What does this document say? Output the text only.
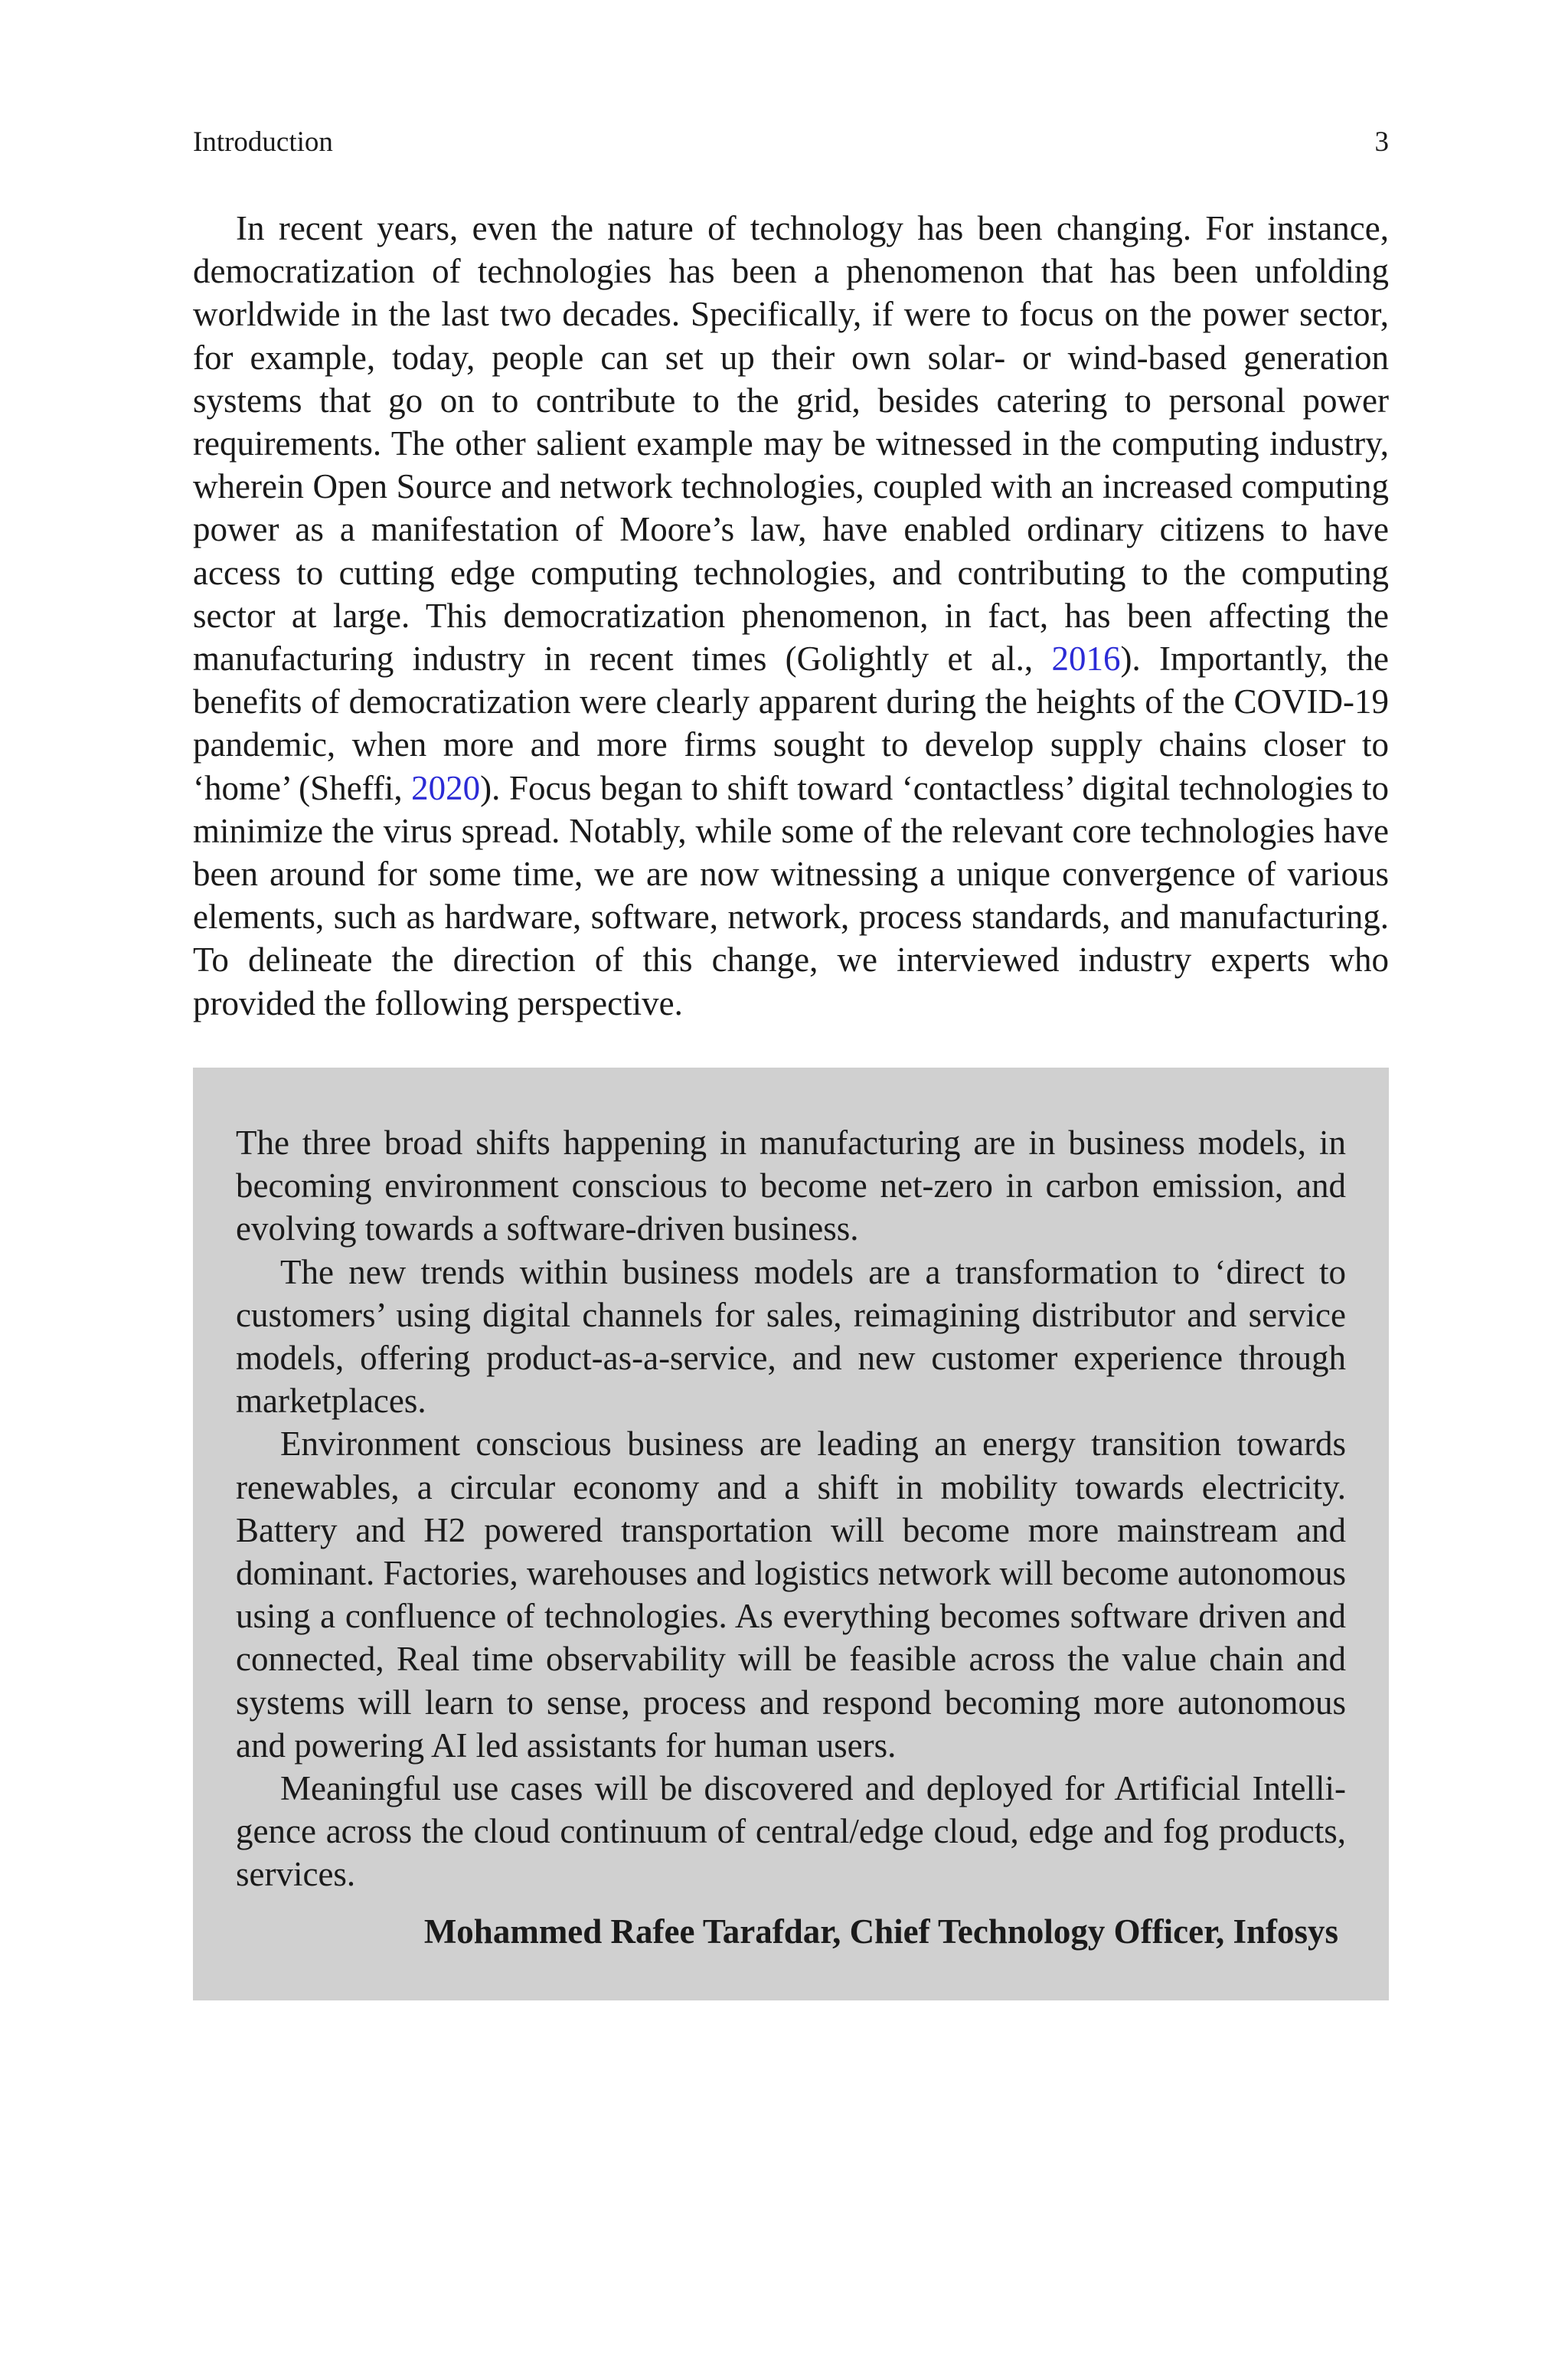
Introduction	3

In recent years, even the nature of technology has been changing. For instance, democratization of technologies has been a phenomenon that has been unfolding worldwide in the last two decades. Specifically, if were to focus on the power sector, for example, today, people can set up their own solar- or wind-based generation systems that go on to contribute to the grid, besides catering to personal power requirements. The other salient example may be witnessed in the computing industry, wherein Open Source and network technologies, coupled with an increased computing power as a manifestation of Moore’s law, have enabled ordinary citizens to have access to cutting edge computing technologies, and contributing to the computing sector at large. This democratization phenomenon, in fact, has been affecting the manufacturing industry in recent times (Golightly et al., 2016). Importantly, the benefits of democratization were clearly apparent during the heights of the COVID-19 pandemic, when more and more firms sought to develop supply chains closer to ‘home’ (Sheffi, 2020). Focus began to shift toward ‘contactless’ digital technologies to minimize the virus spread. Notably, while some of the relevant core technologies have been around for some time, we are now witnessing a unique convergence of various elements, such as hardware, software, network, process standards, and manufacturing. To delineate the direction of this change, we interviewed industry experts who provided the following perspective.

The three broad shifts happening in manufacturing are in business models, in becoming environment conscious to become net-zero in carbon emission, and evolving towards a software-driven business.

The new trends within business models are a transformation to ‘direct to customers’ using digital channels for sales, reimagining distributor and service models, offering product-as-a-service, and new customer experience through marketplaces.

Environment conscious business are leading an energy transition towards renewables, a circular economy and a shift in mobility towards electricity. Battery and H2 powered transportation will become more mainstream and dominant. Factories, warehouses and logistics network will become autonomous using a confluence of technologies. As everything becomes software driven and connected, Real time observability will be feasible across the value chain and systems will learn to sense, process and respond becoming more autonomous and powering AI led assistants for human users.

Meaningful use cases will be discovered and deployed for Artificial Intelligence across the cloud continuum of central/edge cloud, edge and fog products, services.

Mohammed Rafee Tarafdar, Chief Technology Officer, Infosys
